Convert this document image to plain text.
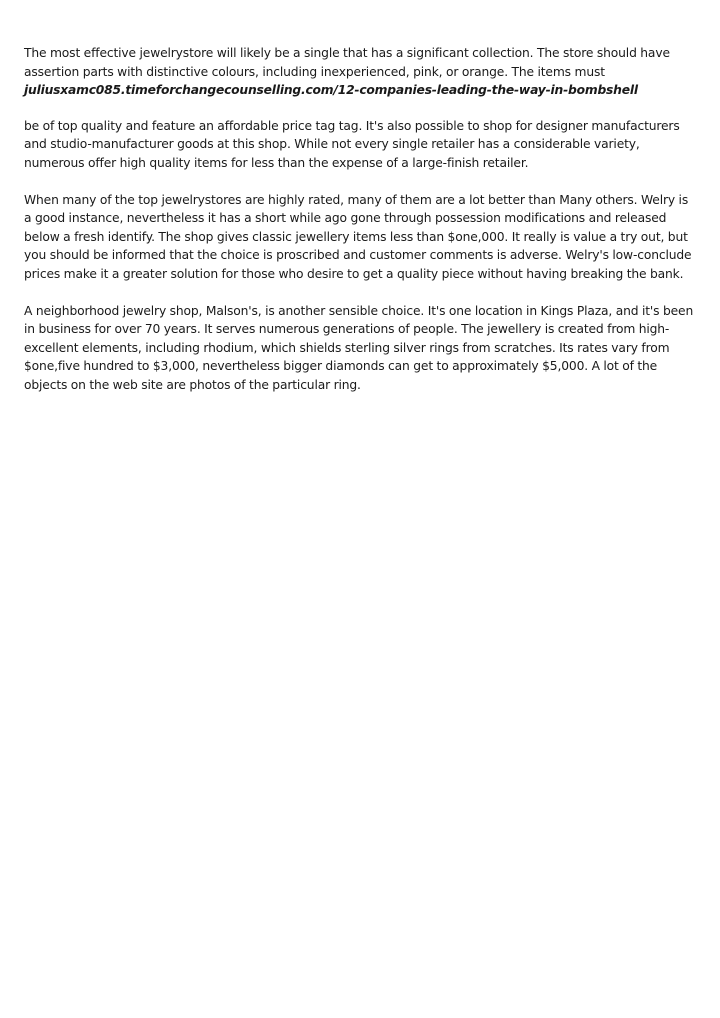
The most effective jewelrystore will likely be a single that has a significant collection. The store should have assertion parts with distinctive colours, including inexperienced, pink, or orange. The items must

juliusxamc085.timeforchangecounselling.com/12-companies-leading-the-way-in-bombshell

be of top quality and feature an affordable price tag tag. It's also possible to shop for designer manufacturers and studio-manufacturer goods at this shop. While not every single retailer has a considerable variety, numerous offer high quality items for less than the expense of a large-finish retailer.

When many of the top jewelrystores are highly rated, many of them are a lot better than Many others. Welry is a good instance, nevertheless it has a short while ago gone through possession modifications and released below a fresh identify. The shop gives classic jewellery items less than $one,000. It really is value a try out, but you should be informed that the choice is proscribed and customer comments is adverse. Welry's low-conclude prices make it a greater solution for those who desire to get a quality piece without having breaking the bank.

A neighborhood jewelry shop, Malson's, is another sensible choice. It's one location in Kings Plaza, and it's been in business for over 70 years. It serves numerous generations of people. The jewellery is created from high-excellent elements, including rhodium, which shields sterling silver rings from scratches. Its rates vary from $one,five hundred to $3,000, nevertheless bigger diamonds can get to approximately $5,000. A lot of the objects on the web site are photos of the particular ring.
